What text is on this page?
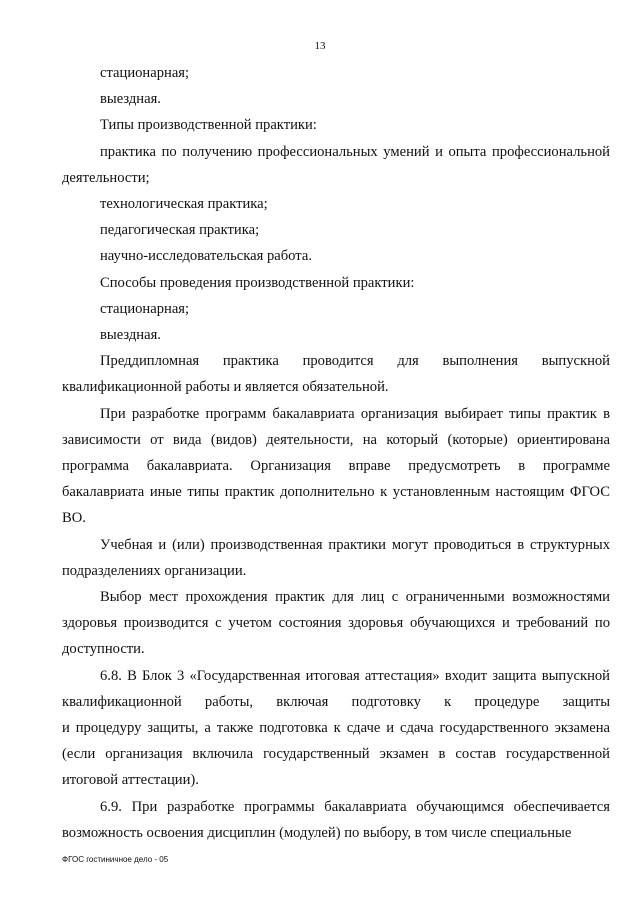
13

стационарная;

выездная.

Типы производственной практики:

практика по получению профессиональных умений и опыта профессиональной деятельности;

технологическая практика;

педагогическая практика;

научно-исследовательская работа.

Способы проведения производственной практики:

стационарная;

выездная.

Преддипломная практика проводится для выполнения выпускной квалификационной работы и является обязательной.

При разработке программ бакалавриата организация выбирает типы практик в зависимости от вида (видов) деятельности, на который (которые) ориентирована программа бакалавриата. Организация вправе предусмотреть в программе бакалавриата иные типы практик дополнительно к установленным настоящим ФГОС ВО.

Учебная и (или) производственная практики могут проводиться в структурных подразделениях организации.

Выбор мест прохождения практик для лиц с ограниченными возможностями здоровья производится с учетом состояния здоровья обучающихся и требований по доступности.

6.8. В Блок 3 «Государственная итоговая аттестация» входит защита выпускной квалификационной работы, включая подготовку к процедуре защиты

и процедуру защиты, а также подготовка к сдаче и сдача государственного экзамена (если организация включила государственный экзамен в состав государственной итоговой аттестации).

6.9. При разработке программы бакалавриата обучающимся обеспечивается возможность освоения дисциплин (модулей) по выбору, в том числе специальные

ФГОС гостиничное дело - 05
